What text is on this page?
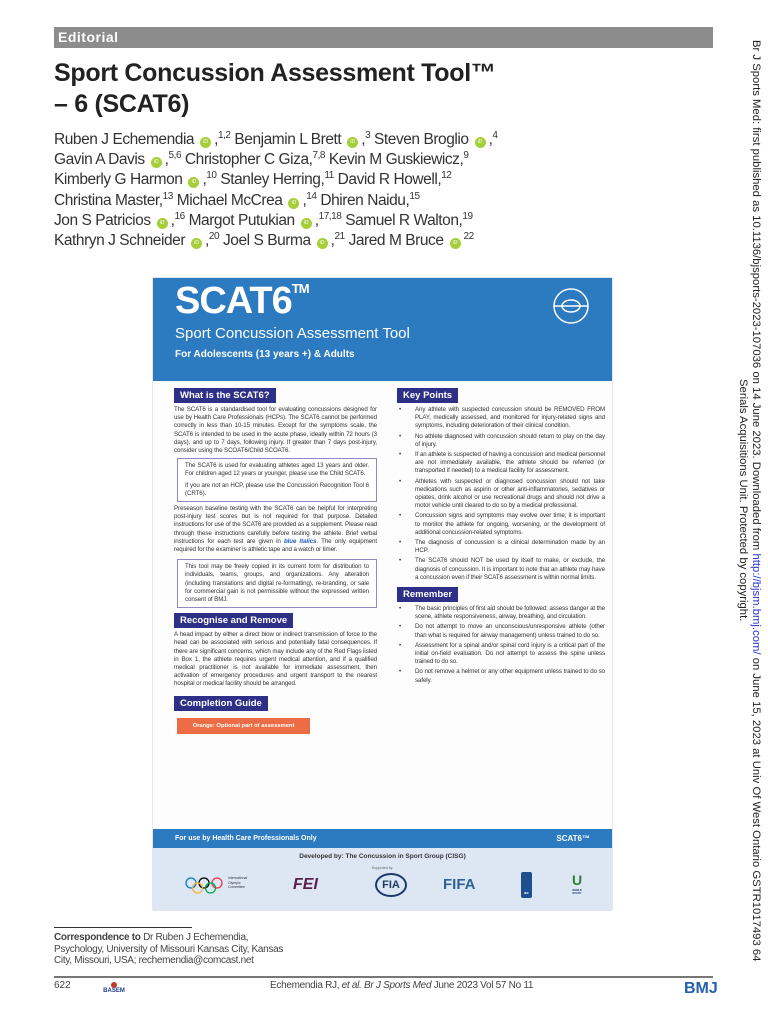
Editorial
Sport Concussion Assessment Tool™ – 6 (SCAT6)
Ruben J Echemendia iD ,$^{1,2}$ Benjamin L Brett iD ,$^3$ Steven Broglio iD ,$^4$
Gavin A Davis iD ,$^{5,6}$ Christopher C Giza,$^{7,8}$ Kevin M Guskiewicz,$^9$
Kimberly G Harmon iD ,$^{10}$ Stanley Herring,$^{11}$ David R Howell,$^{12}$
Christina Master,$^{13}$ Michael McCrea iD ,$^{14}$ Dhiren Naidu,$^{15}$
Jon S Patricios iD ,$^{16}$ Margot Putukian iD ,$^{17,18}$ Samuel R Walton,$^{19}$
Kathryn J Schneider iD ,$^{20}$ Joel S Burma iD ,$^{21}$ Jared M Bruce $iD^{22}$
SCAT6™
Sport Concussion Assessment Tool
For Adolescents (13 years +) & Adults
What is the SCAT6?
The SCAT6 is a standardised tool for evaluating concussions designed for use by Health Care Professionals (HCPs). The SCAT6 cannot be performed correctly in less than 10-15 minutes. Except for the symptoms scale, the SCAT6 is intended to be used in the acute phase, ideally within 72 hours (3 days), and up to 7 days, following injury. If greater than 7 days post-injury, consider using the SCOAT6/Child SCOAT6.

The SCAT6 is used for evaluating athletes aged 13 years and older. For children aged 12 years or younger, please use the Child SCAT6.

If you are not an HCP, please use the Concussion Recognition Tool 6 (CRT6).

Preseason baseline testing with the SCAT6 can be helpful for interpreting post-injury test scores but is not required for that purpose. Detailed instructions for use of the SCAT6 are provided as a supplement. Please read through these instructions carefully before testing the athlete. Brief verbal instructions for each test are given in blue italics. The only equipment required for the examiner is athletic tape and a watch or timer.
This tool may be freely copied in its current form for distribution to individuals, teams, groups, and organizations. Any alteration (including translations and digital re-formatting), re-branding, or sale for commercial gain is not permissible without the expressed written consent of BMJ.
Recognise and Remove
A head impact by either a direct blow or indirect transmission of force to the head can be associated with serious and potentially fatal consequences. If there are significant concerns, which may include any of the Red Flags listed in Box 1, the athlete requires urgent medical attention, and if a qualified medical practitioner is not available for immediate assessment, then activation of emergency procedures and urgent transport to the nearest hospital or medical facility should be arranged.
Completion Guide
Orange: Optional part of assessment
Key Points
• Any athlete with suspected concussion should be REMOVED FROM PLAY, medically assessed, and monitored for injury-related signs and symptoms, including deterioration of their clinical condition.
• No athlete diagnosed with concussion should return to play on the day of injury.
• If an athlete is suspected of having a concussion and medical personnel are not immediately available, the athlete should be referred (or transported if needed) to a medical facility for assessment.
• Athletes with suspected or diagnosed concussion should not take medications such as aspirin or other anti-inflammatories, sedatives or opiates, drink alcohol or use recreational drugs and should not drive a motor vehicle until cleared to do so by a medical professional.
• Concussion signs and symptoms may evolve over time; it is important to monitor the athlete for ongoing, worsening, or the development of additional concussion-related symptoms.
• The diagnosis of concussion is a clinical determination made by an HCP.
• The SCAT6 should NOT be used by itself to make, or exclude, the diagnosis of concussion. It is important to note that an athlete may have a concussion even if their SCAT6 assessment is within normal limits.
Remember
• The basic principles of first aid should be followed: assess danger at the scene, athlete responsiveness, airway, breathing, and circulation.
• Do not attempt to move an unconscious/unresponsive athlete (other than what is required for airway management) unless trained to do so.
• Assessment for a spinal and/or spinal cord injury is a critical part of the initial on-field evaluation. Do not attempt to assess the spine unless trained to do so.
• Do not remove a helmet or any other equipment unless trained to do so safely.
For use by Health Care Professionals Only	SCAT6™
Developed by: The Concussion in Sport Group (CISG)
Supported by:
International Olympic Committee	FEI	FIA	FIFA
IIHF
U
WORLD RUGBY
Correspondence to Dr Ruben J Echemendia, Psychology, University of Missouri Kansas City, Kansas City, Missouri, USA; rechemendia@comcast.net
622	BASEM	Echemendia RJ, et al. Br J Sports Med June 2023 Vol 57 No 11	BMJ
Br J Sports Med: first published as 10.1136/bjsports-2023-107036 on 14 June 2023. Downloaded from http://bjsm.bmj.com/ on June 15, 2023 at Univ Of West Ontario GSTR1017493 64
Serials Acquisitions Unit. Protected by copyright.
